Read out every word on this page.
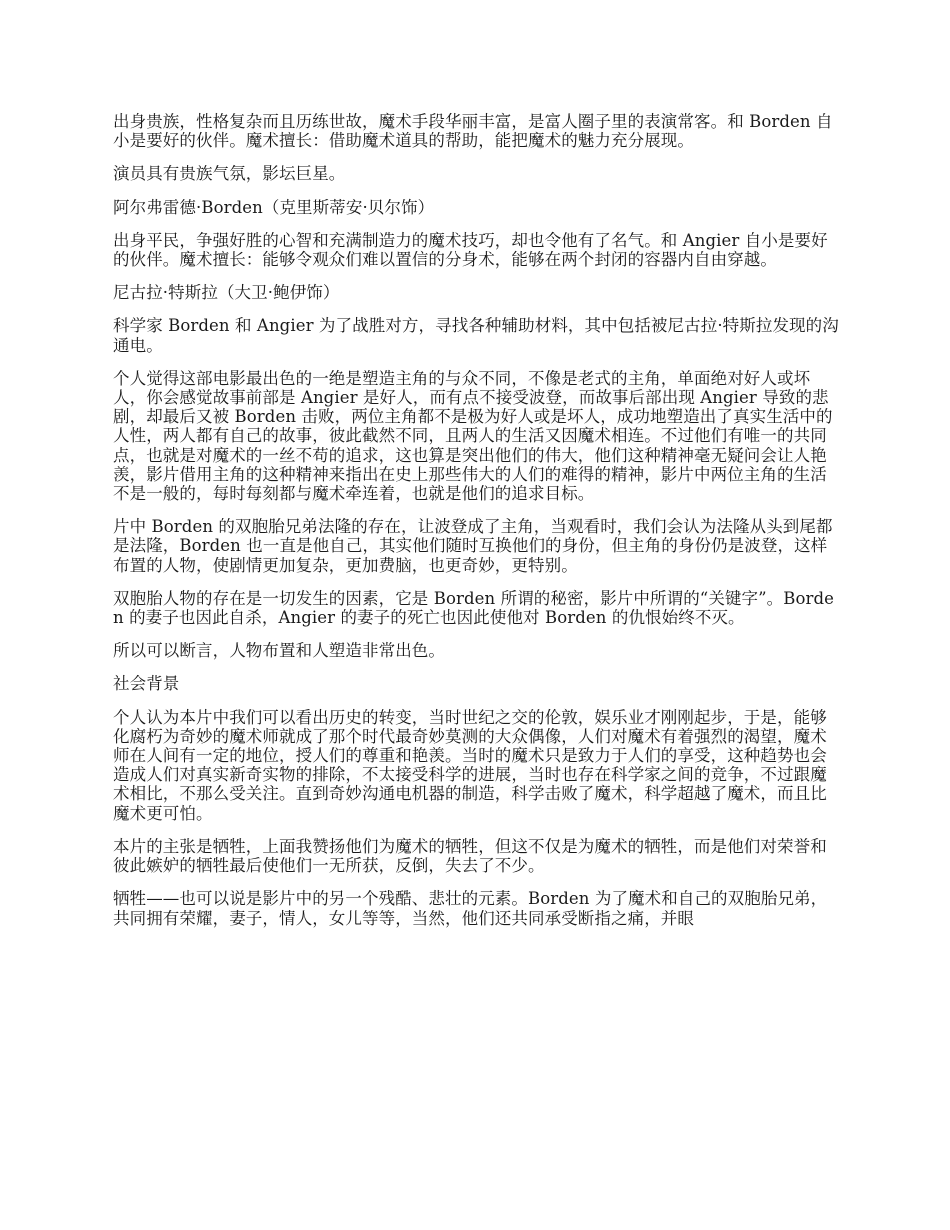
出身贵族，性格复杂而且历练世故，魔术手段华丽丰富，是富人圈子里的表演常客。和 Borden 自小是要好的伙伴。魔术擅长：借助魔术道具的帮助，能把魔术的魅力充分展现。

演员具有贵族气氛，影坛巨星。

阿尔弗雷德·Borden（克里斯蒂安·贝尔饰）

出身平民，争强好胜的心智和充满制造力的魔术技巧，却也令他有了名气。和 Angier 自小是要好的伙伴。魔术擅长：能够令观众们难以置信的分身术，能够在两个封闭的容器内自由穿越。

尼古拉·特斯拉（大卫·鲍伊饰）

科学家 Borden 和 Angier 为了战胜对方，寻找各种辅助材料，其中包括被尼古拉·特斯拉发现的沟通电。

个人觉得这部电影最出色的一绝是塑造主角的与众不同，不像是老式的主角，单面绝对好人或坏人，你会感觉故事前部是 Angier 是好人，而有点不接受波登，而故事后部出现 Angier 导致的悲剧，却最后又被 Borden 击败，两位主角都不是极为好人或是坏人，成功地塑造出了真实生活中的人性，两人都有自己的故事，彼此截然不同，且两人的生活又因魔术相连。不过他们有唯一的共同点，也就是对魔术的一丝不苟的追求，这也算是突出他们的伟大，他们这种精神毫无疑问会让人艳羡，影片借用主角的这种精神来指出在史上那些伟大的人们的难得的精神，影片中两位主角的生活不是一般的，每时每刻都与魔术牵连着，也就是他们的追求目标。

片中 Borden 的双胞胎兄弟法隆的存在，让波登成了主角，当观看时，我们会认为法隆从头到尾都是法隆，Borden 也一直是他自己，其实他们随时互换他们的身份，但主角的身份仍是波登，这样布置的人物，使剧情更加复杂，更加费脑，也更奇妙，更特别。

双胞胎人物的存在是一切发生的因素，它是 Borden 所谓的秘密，影片中所谓的“关键字”。Borden 的妻子也因此自杀，Angier 的妻子的死亡也因此使他对 Borden 的仇恨始终不灭。

所以可以断言，人物布置和人塑造非常出色。

社会背景

个人认为本片中我们可以看出历史的转变，当时世纪之交的伦敦，娱乐业才刚刚起步，于是，能够化腐朽为奇妙的魔术师就成了那个时代最奇妙莫测的大众偶像，人们对魔术有着强烈的渴望，魔术师在人间有一定的地位，授人们的尊重和艳羡。当时的魔术只是致力于人们的享受，这种趋势也会造成人们对真实新奇实物的排除，不太接受科学的进展，当时也存在科学家之间的竞争，不过跟魔术相比，不那么受关注。直到奇妙沟通电机器的制造，科学击败了魔术，科学超越了魔术，而且比魔术更可怕。

本片的主张是牺牲，上面我赞扬他们为魔术的牺牲，但这不仅是为魔术的牺牲，而是他们对荣誉和彼此嫉妒的牺牲最后使他们一无所获，反倒，失去了不少。

牺牲——也可以说是影片中的另一个残酷、悲壮的元素。Borden 为了魔术和自己的双胞胎兄弟，共同拥有荣耀，妻子，情人，女儿等等，当然，他们还共同承受断指之痛，并眼
